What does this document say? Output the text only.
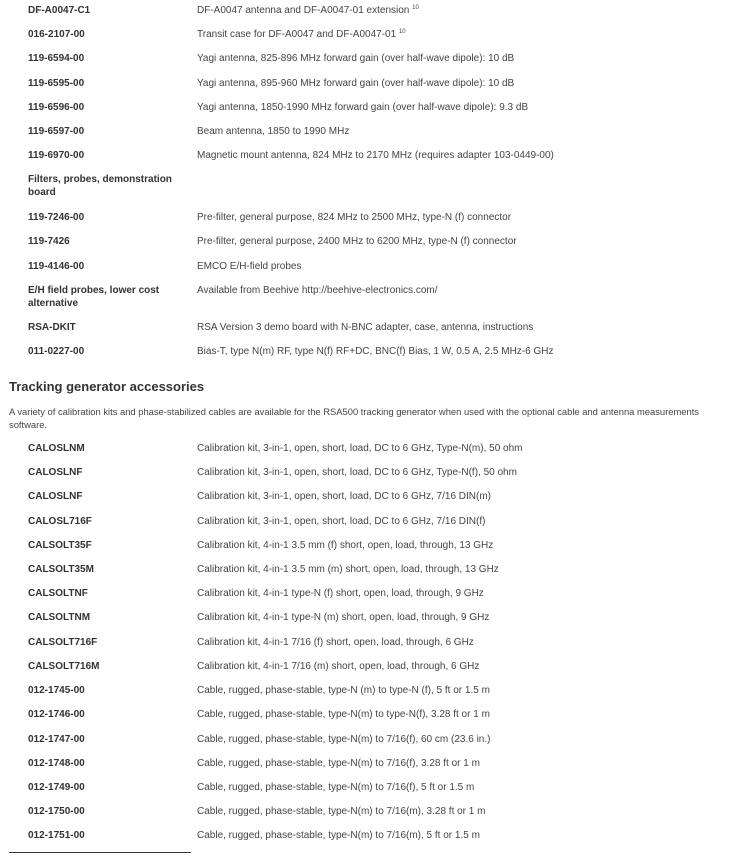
DF-A0047-C1	DF-A0047 antenna and DF-A0047-01 extension $^{10}$
016-2107-00	Transit case for DF-A0047 and DF-A0047-01 $^{10}$
119-6594-00	Yagi antenna, 825-896 MHz forward gain (over half-wave dipole): 10 dB
119-6595-00	Yagi antenna, 895-960 MHz forward gain (over half-wave dipole): 10 dB
119-6596-00	Yagi antenna, 1850-1990 MHz forward gain (over half-wave dipole): 9.3 dB
119-6597-00	Beam antenna, 1850 to 1990 MHz
119-6970-00	Magnetic mount antenna, 824 MHz to 2170 MHz (requires adapter 103-0449-00)
Filters, probes, demonstration board	
119-7246-00	Pre-filter, general purpose, 824 MHz to 2500 MHz, type-N (f) connector
119-7426	Pre-filter, general purpose, 2400 MHz to 6200 MHz, type-N (f) connector
119-4146-00	EMCO E/H-field probes
E/H field probes, lower cost alternative	Available from Beehive http://beehive-electronics.com/
RSA-DKIT	RSA Version 3 demo board with N-BNC adapter, case, antenna, instructions
011-0227-00	Bias-T, type N(m) RF, type N(f) RF+DC, BNC(f) Bias, 1 W, 0.5 A, 2.5 MHz-6 GHz
Tracking generator accessories

A variety of calibration kits and phase-stabilized cables are available for the RSA500 tracking generator when used with the optional cable and antenna measurements software.

CALOSLNM	Calibration kit, 3-in-1, open, short, load, DC to 6 GHz, Type-N(m), 50 ohm
CALOSLNF	Calibration kit, 3-in-1, open, short, load, DC to 6 GHz, Type-N(f), 50 ohm
CALOSLNF	Calibration kit, 3-in-1, open, short, load, DC to 6 GHz, 7/16 DIN(m)
CALOSL716F	Calibration kit, 3-in-1, open, short, load, DC to 6 GHz, 7/16 DIN(f)
CALSOLT35F	Calibration kit, 4-in-1 3.5 mm (f) short, open, load, through, 13 GHz
CALSOLT35M	Calibration kit, 4-in-1 3.5 mm (m) short, open, load, through, 13 GHz
CALSOLTNF	Calibration kit, 4-in-1 type-N (f) short, open, load, through, 9 GHz
CALSOLTNM	Calibration kit, 4-in-1 type-N (m) short, open, load, through, 9 GHz
CALSOLT716F	Calibration kit, 4-in-1 7/16 (f) short, open, load, through, 6 GHz
CALSOLT716M	Calibration kit, 4-in-1 7/16 (m) short, open, load, through, 6 GHz
012-1745-00	Cable, rugged, phase-stable, type-N (m) to type-N (f), 5 ft or 1.5 m
012-1746-00	Cable, rugged, phase-stable, type-N(m) to type-N(f), 3.28 ft or 1 m
012-1747-00	Cable, rugged, phase-stable, type-N(m) to 7/16(f), 60 cm (23.6 in.)
012-1748-00	Cable, rugged, phase-stable, type-N(m) to 7/16(f), 3.28 ft or 1 m
012-1749-00	Cable, rugged, phase-stable, type-N(m) to 7/16(f), 5 ft or 1.5 m
012-1750-00	Cable, rugged, phase-stable, type-N(m) to 7/16(m), 3.28 ft or 1 m
012-1751-00	Cable, rugged, phase-stable, type-N(m) to 7/16(m), 5 ft or 1.5 m
